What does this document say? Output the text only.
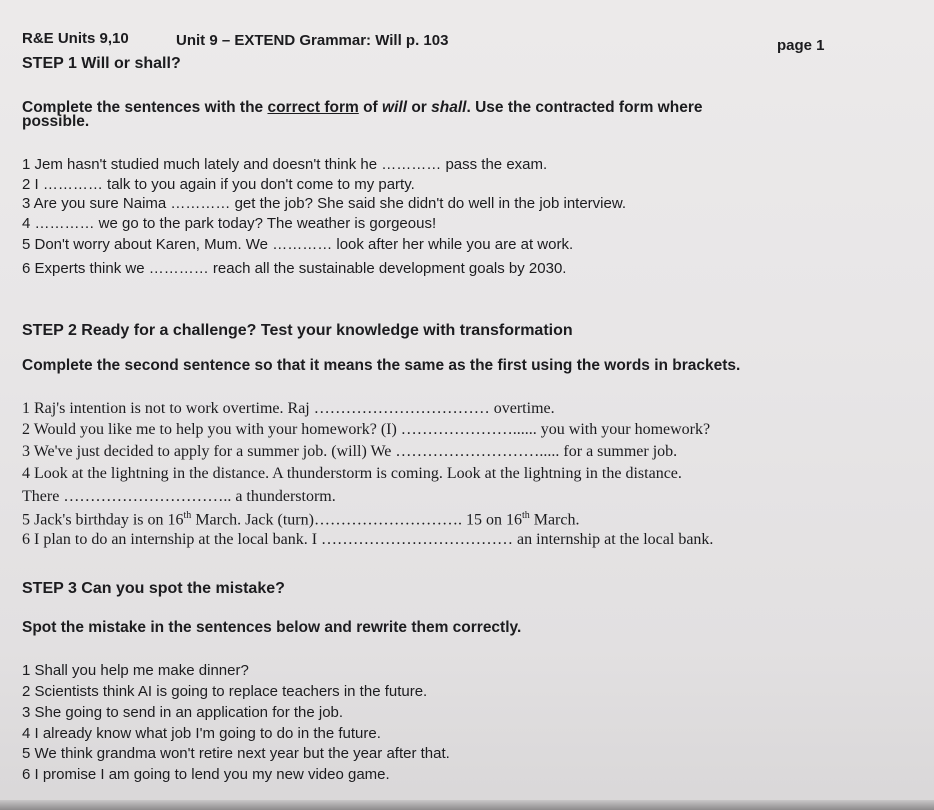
R&E Units 9,10	Unit 9 – EXTEND Grammar: Will p. 103	page 1
STEP 1 Will or shall?
Complete the sentences with the correct form of will or shall. Use the contracted form where
possible.
1 Jem hasn't studied much lately and doesn't think he ………… pass the exam.
2 I ………… talk to you again if you don't come to my party.
3 Are you sure Naima ………… get the job? She said she didn't do well in the job interview.
4 ………… we go to the park today? The weather is gorgeous!
5 Don't worry about Karen, Mum. We ………… look after her while you are at work.
6 Experts think we ………… reach all the sustainable development goals by 2030.
STEP 2 Ready for a challenge? Test your knowledge with transformation
Complete the second sentence so that it means the same as the first using the words in brackets.
1 Raj's intention is not to work overtime. Raj …………………………… overtime.
2 Would you like me to help you with your homework? (I) …………………...... you with your homework?
3 We've just decided to apply for a summer job. (will) We ………………………..... for a summer job.
4 Look at the lightning in the distance. A thunderstorm is coming. Look at the lightning in the distance.
There ………………………….. a thunderstorm.
5 Jack's birthday is on 16th March. Jack (turn)………………………. 15 on 16th March.
6 I plan to do an internship at the local bank. I ……………………………… an internship at the local bank.
STEP 3 Can you spot the mistake?
Spot the mistake in the sentences below and rewrite them correctly.
1 Shall you help me make dinner?
2 Scientists think AI is going to replace teachers in the future.
3 She going to send in an application for the job.
4 I already know what job I'm going to do in the future.
5 We think grandma won't retire next year but the year after that.
6 I promise I am going to lend you my new video game.
